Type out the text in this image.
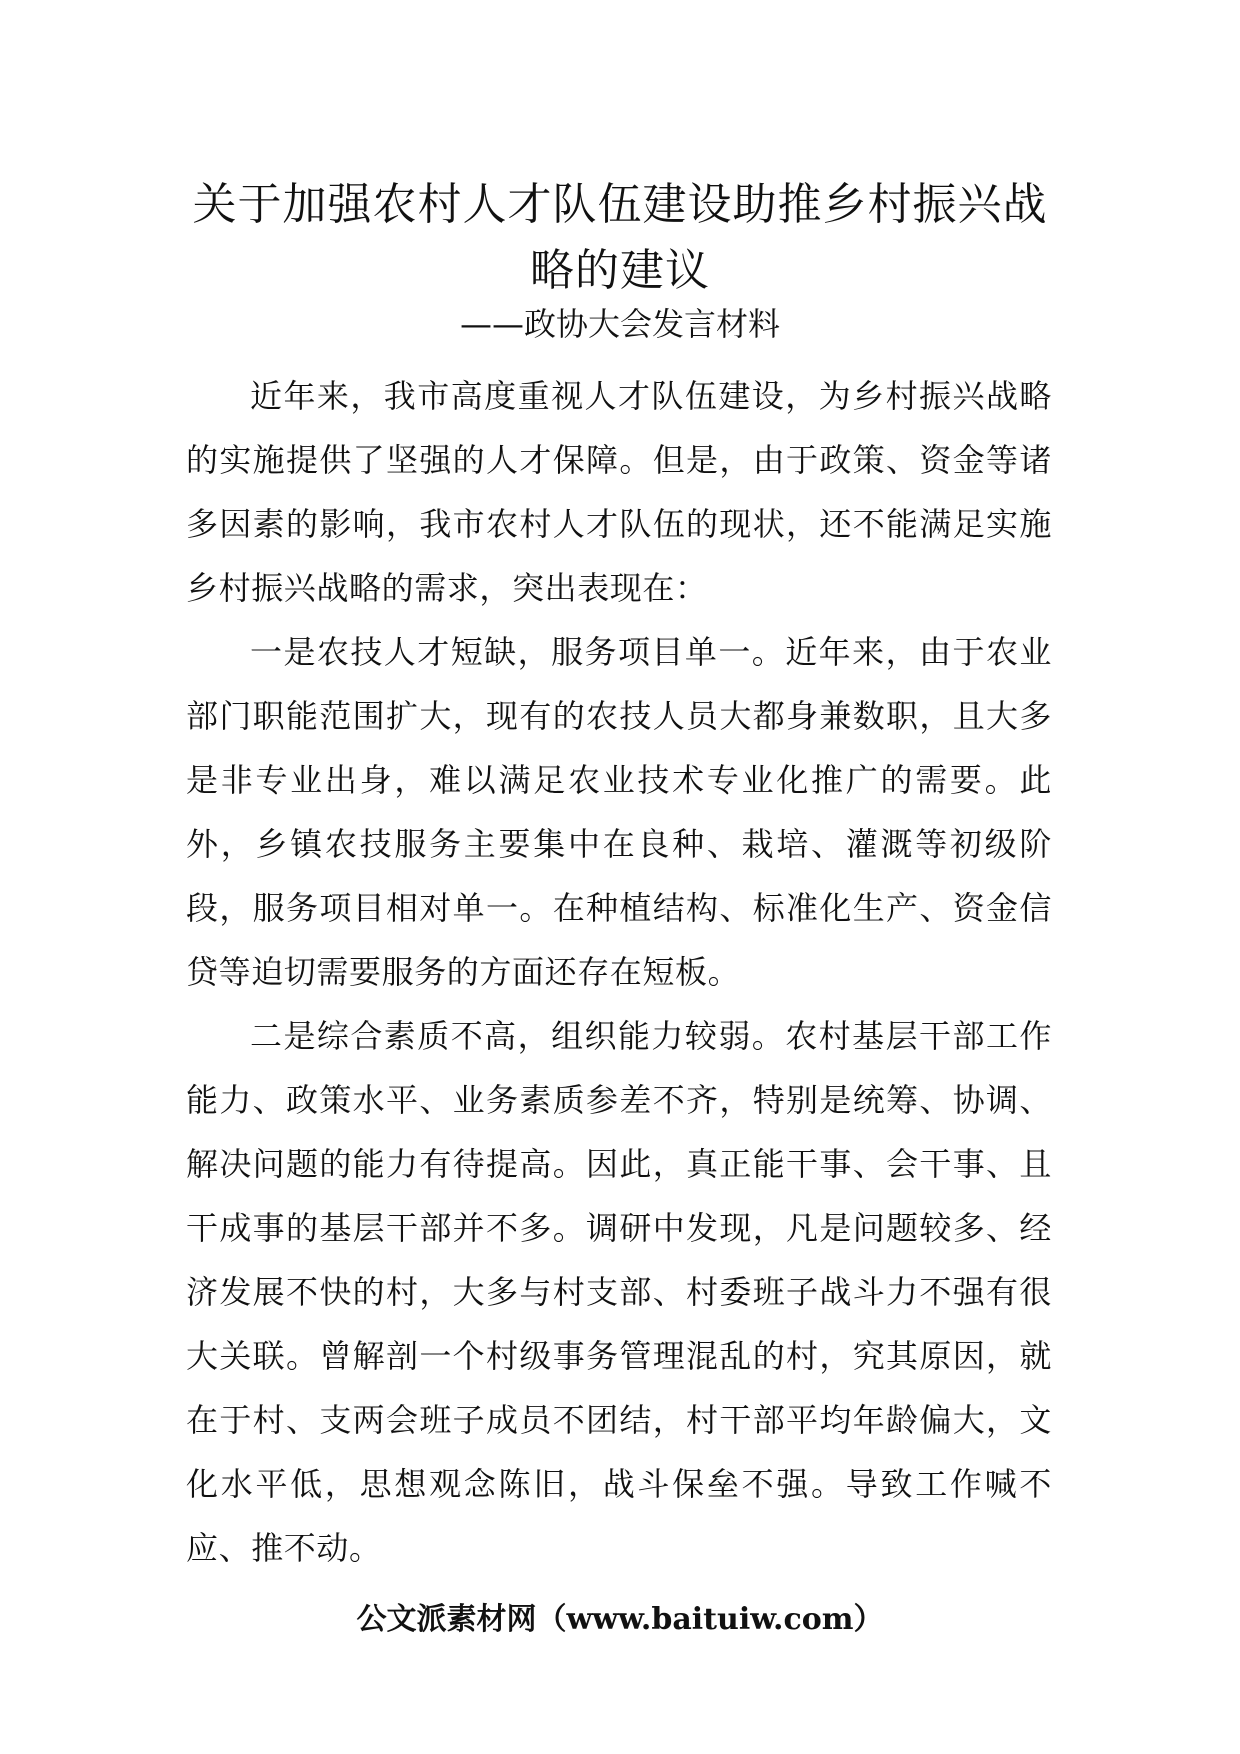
关于加强农村人才队伍建设助推乡村振兴战略的建议
——政协大会发言材料

近年来，我市高度重视人才队伍建设，为乡村振兴战略的实施提供了坚强的人才保障。但是，由于政策、资金等诸多因素的影响，我市农村人才队伍的现状，还不能满足实施乡村振兴战略的需求，突出表现在：

一是农技人才短缺，服务项目单一。近年来，由于农业部门职能范围扩大，现有的农技人员大都身兼数职，且大多是非专业出身，难以满足农业技术专业化推广的需要。此外，乡镇农技服务主要集中在良种、栽培、灌溉等初级阶段，服务项目相对单一。在种植结构、标准化生产、资金信贷等迫切需要服务的方面还存在短板。

二是综合素质不高，组织能力较弱。农村基层干部工作能力、政策水平、业务素质参差不齐，特别是统筹、协调、解决问题的能力有待提高。因此，真正能干事、会干事、且干成事的基层干部并不多。调研中发现，凡是问题较多、经济发展不快的村，大多与村支部、村委班子战斗力不强有很大关联。曾解剖一个村级事务管理混乱的村，究其原因，就在于村、支两会班子成员不团结，村干部平均年龄偏大，文化水平低，思想观念陈旧，战斗保垒不强。导致工作喊不应、推不动。

公文派素材网（www.baituiw.com）
